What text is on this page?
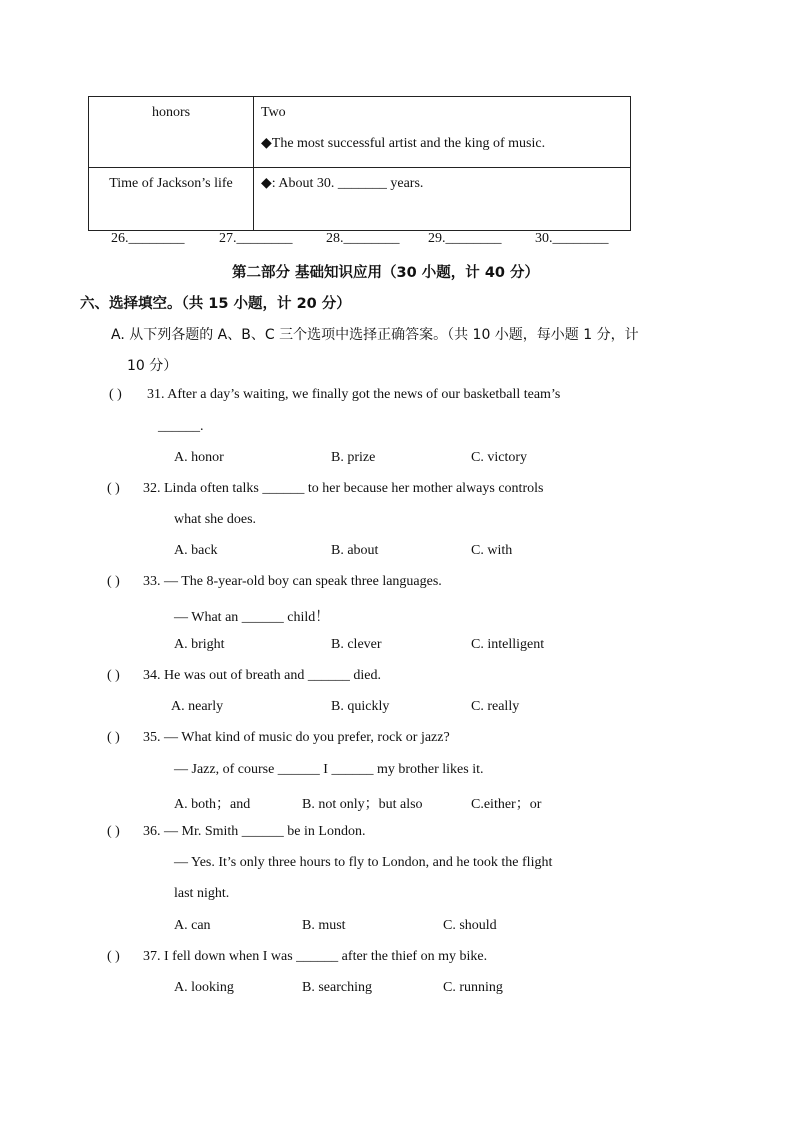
honors	Two
◆The most successful artist and the king of music.

Time of Jackson’s life	◆: About 30. _______ years.
26.________ 27.________ 28.________ 29.________ 30.________
第二部分 基础知识应用（30 小题，计 40 分）
六、选择填空。（共 15 小题，计 20 分）
A. 从下列各题的 A、B、C 三个选项中选择正确答案。（共 10 小题，每小题 1 分，计
10 分）
( ) 31. After a day’s waiting, we finally got the news of our basketball team’s
______.
A. honor	B. prize	C. victory
( ) 32. Linda often talks ______ to her because her mother always controls
what she does.
A. back	B. about	C. with
( ) 33. — The 8-year-old boy can speak three languages.
— What an ______ child！
A. bright	B. clever	C. intelligent
( ) 34. He was out of breath and ______ died.
A. nearly	B. quickly	C. really
( ) 35. — What kind of music do you prefer, rock or jazz?
— Jazz, of course ______ I ______ my brother likes it.
A. both；and	B. not only；but also	C.either；or
( ) 36. — Mr. Smith ______ be in London.
— Yes. It’s only three hours to fly to London, and he took the flight
last night.
A. can	B. must	C. should
( ) 37. I fell down when I was ______ after the thief on my bike.
A. looking	B. searching	C. running
